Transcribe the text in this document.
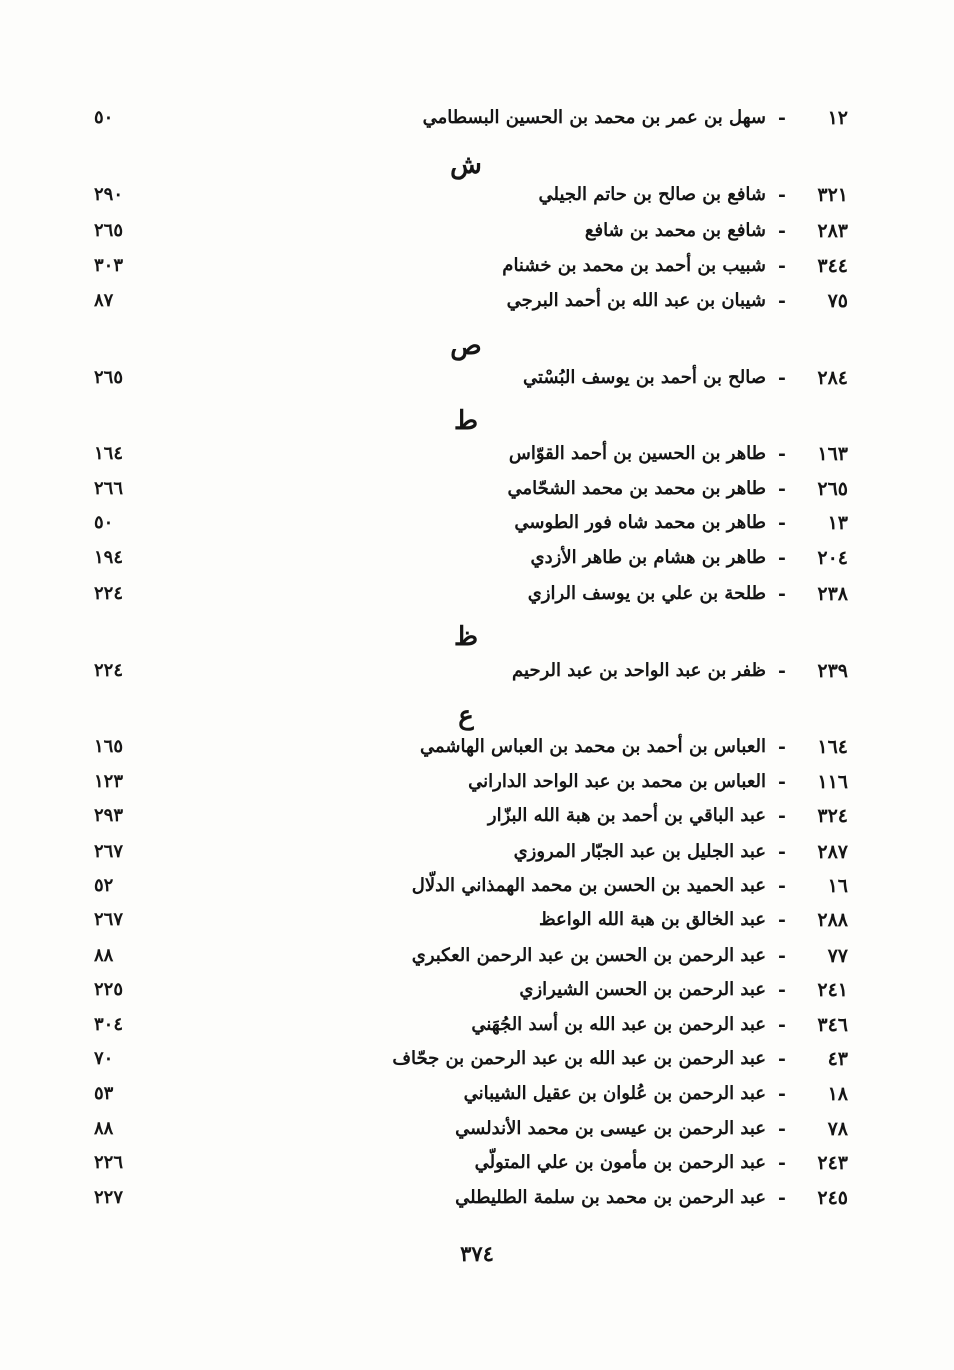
١٢
-
سهل بن عمر بن محمد بن الحسين البسطامي
٥٠
ش
٣٢١
-
شافع بن صالح بن حاتم الجيلي
٢٩٠
٢٨٣
-
شافع بن محمد بن شافع
٢٦٥
٣٤٤
-
شبيب بن أحمد بن محمد بن خشنام
٣٠٣
٧٥
-
شيبان بن عبد الله بن أحمد البرجي
٨٧
ص
٢٨٤
-
صالح بن أحمد بن يوسف البُسْتي
٢٦٥
ط
١٦٣
-
طاهر بن الحسين بن أحمد القوّاس
١٦٤
٢٦٥
-
طاهر بن محمد بن محمد الشحّامي
٢٦٦
١٣
-
طاهر بن محمد شاه فور الطوسي
٥٠
٢٠٤
-
طاهر بن هشام بن طاهر الأزدي
١٩٤
٢٣٨
-
طلحة بن علي بن يوسف الرازي
٢٢٤
ظ
٢٣٩
-
ظفر بن عبد الواحد بن عبد الرحيم
٢٢٤
ع
١٦٤
-
العباس بن أحمد بن محمد بن العباس الهاشمي
١٦٥
١١٦
-
العباس بن محمد بن عبد الواحد الداراني
١٢٣
٣٢٤
-
عبد الباقي بن أحمد بن هبة الله البزّار
٢٩٣
٢٨٧
-
عبد الجليل بن عبد الجبّار المروزي
٢٦٧
١٦
-
عبد الحميد بن الحسن بن محمد الهمذاني الدلّال
٥٢
٢٨٨
-
عبد الخالق بن هبة الله الواعظ
٢٦٧
٧٧
-
عبد الرحمن بن الحسن بن عبد الرحمن العكبري
٨٨
٢٤١
-
عبد الرحمن بن الحسن الشيرازي
٢٢٥
٣٤٦
-
عبد الرحمن بن عبد الله بن أسد الجُهَني
٣٠٤
٤٣
-
عبد الرحمن بن عبد الله بن عبد الرحمن بن جحّاف
٧٠
١٨
-
عبد الرحمن بن عُلوان بن عقيل الشيباني
٥٣
٧٨
-
عبد الرحمن بن عيسى بن محمد الأندلسي
٨٨
٢٤٣
-
عبد الرحمن بن مأمون بن علي المتولّي
٢٢٦
٢٤٥
-
عبد الرحمن بن محمد بن سلمة الطليطلي
٢٢٧
٣٧٤
